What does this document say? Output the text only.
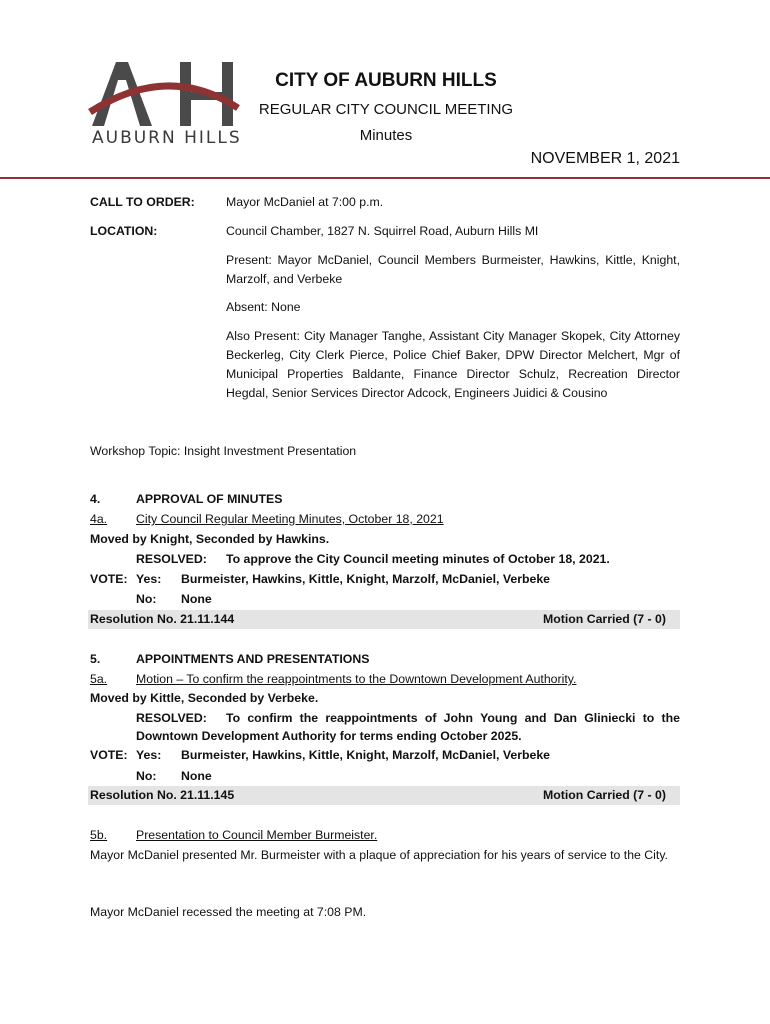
AUBURN HILLS
CITY OF AUBURN HILLS
REGULAR CITY COUNCIL MEETING
Minutes
NOVEMBER 1, 2021
CALL TO ORDER:	Mayor McDaniel at 7:00 p.m.
LOCATION:	Council Chamber, 1827 N. Squirrel Road, Auburn Hills MI
Present: Mayor McDaniel, Council Members Burmeister, Hawkins, Kittle, Knight, Marzolf, and Verbeke
Absent: None
Also Present: City Manager Tanghe, Assistant City Manager Skopek, City Attorney Beckerleg, City Clerk Pierce, Police Chief Baker, DPW Director Melchert, Mgr of Municipal Properties Baldante, Finance Director Schulz, Recreation Director Hegdal, Senior Services Director Adcock, Engineers Juidici & Cousino
Workshop Topic: Insight Investment Presentation
4.	APPROVAL OF MINUTES
4a. City Council Regular Meeting Minutes, October 18, 2021
Moved by Knight, Seconded by Hawkins.
RESOLVED: To approve the City Council meeting minutes of October 18, 2021.
VOTE: Yes: Burmeister, Hawkins, Kittle, Knight, Marzolf, McDaniel, Verbeke
No: None
Resolution No. 21.11.144	Motion Carried (7 - 0)
5.	APPOINTMENTS AND PRESENTATIONS
5a. Motion – To confirm the reappointments to the Downtown Development Authority.
Moved by Kittle, Seconded by Verbeke.
RESOLVED: To confirm the reappointments of John Young and Dan Gliniecki to the
Downtown Development Authority for terms ending October 2025.
VOTE: Yes: Burmeister, Hawkins, Kittle, Knight, Marzolf, McDaniel, Verbeke
No: None
Resolution No. 21.11.145	Motion Carried (7 - 0)
5b. Presentation to Council Member Burmeister.
Mayor McDaniel presented Mr. Burmeister with a plaque of appreciation for his years of service to the City.
Mayor McDaniel recessed the meeting at 7:08 PM.
